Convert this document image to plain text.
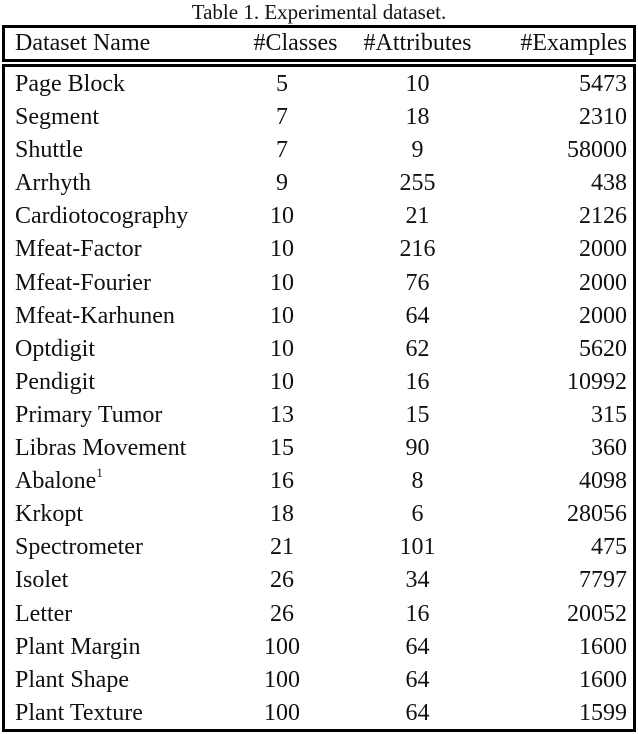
Table 1. Experimental dataset.
Dataset Name	#Classes	#Attributes	#Examples
Page Block	5	10	5473
Segment	7	18	2310
Shuttle	7	9	58000
Arrhyth	9	255	438
Cardiotocography	10	21	2126
Mfeat-Factor	10	216	2000
Mfeat-Fourier	10	76	2000
Mfeat-Karhunen	10	64	2000
Optdigit	10	62	5620
Pendigit	10	16	10992
Primary Tumor	13	15	315
Libras Movement	15	90	360
Abalone$^1$	16	8	4098
Krkopt	18	6	28056
Spectrometer	21	101	475
Isolet	26	34	7797
Letter	26	16	20052
Plant Margin	100	64	1600
Plant Shape	100	64	1600
Plant Texture	100	64	1599
